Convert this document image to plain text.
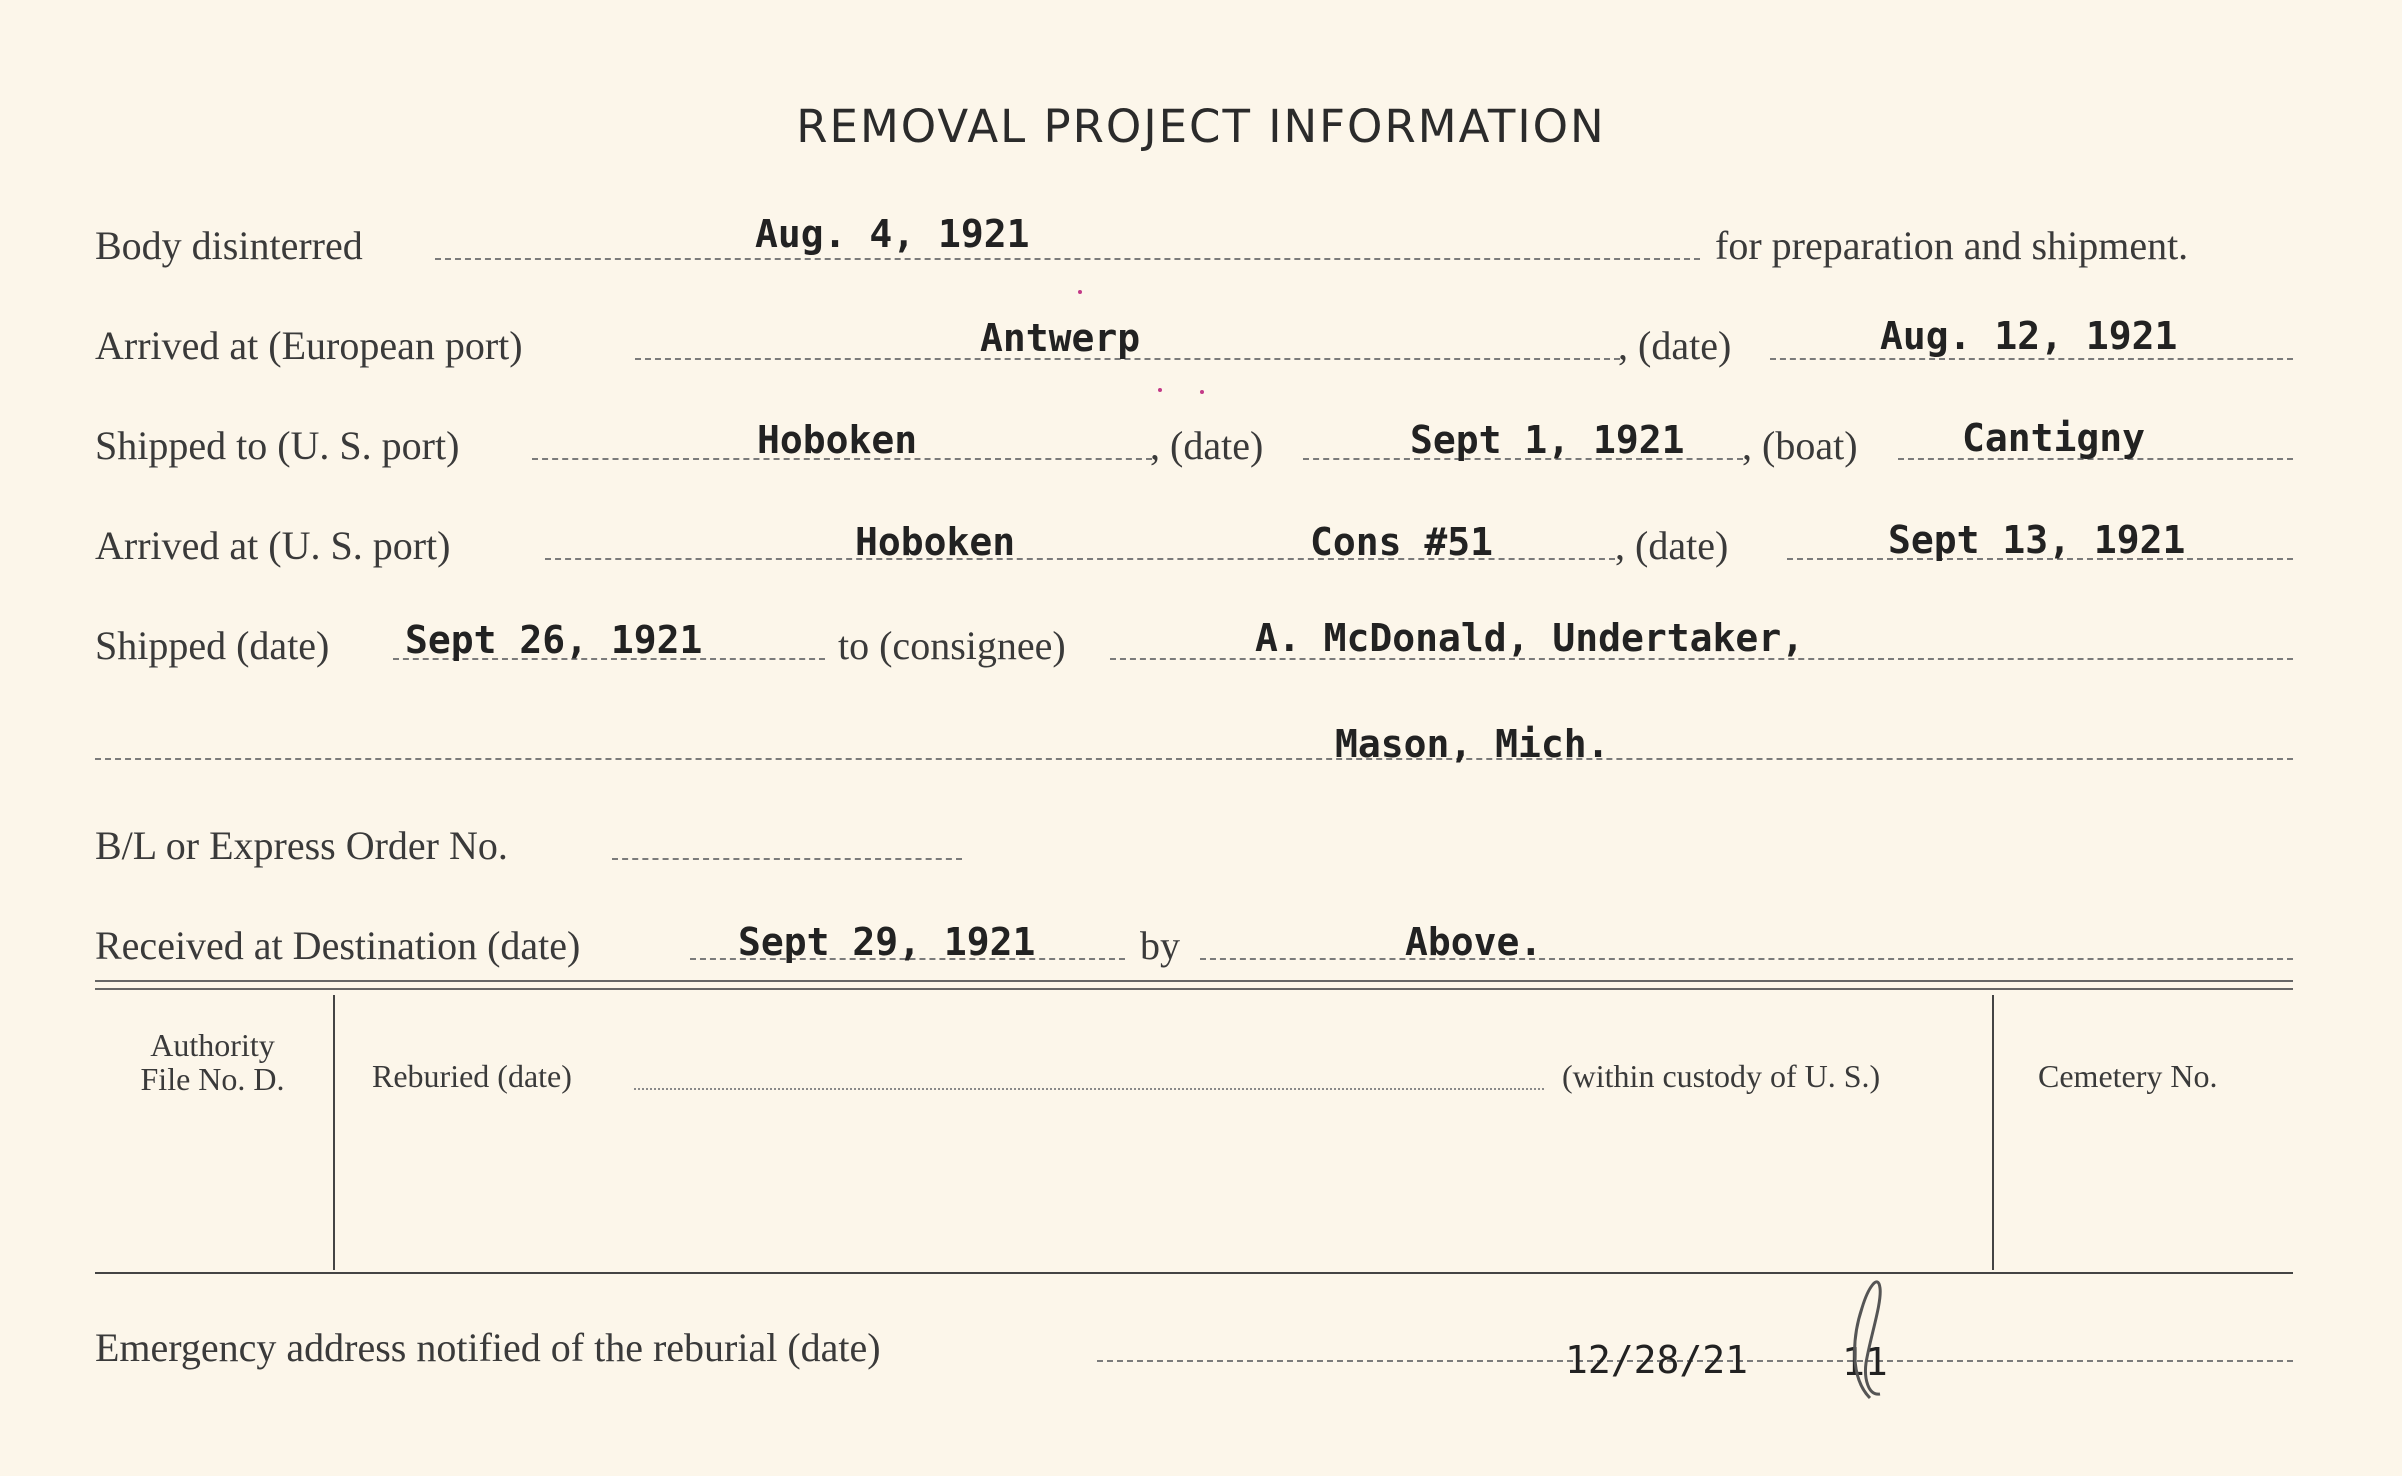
REMOVAL PROJECT INFORMATION
Body disinterred	Aug. 4, 1921	for preparation and shipment.
Arrived at (European port)	Antwerp	, (date)	Aug. 12, 1921
Shipped to (U. S. port)	Hoboken	, (date)	Sept 1, 1921 , (boat)	Cantigny
Arrived at (U. S. port)	Hoboken	Cons #51	, (date)	Sept 13, 1921
Shipped (date) Sept 26, 1921	to (consignee)	A. McDonald, Undertaker,
Mason, Mich.
B/L or Express Order No.
Received at Destination (date)	Sept 29, 1921	by	Above.
Authority
File No. D.	Reburied (date)	(within custody of U. S.)	Cemetery No.
Emergency address notified of the reburial (date)	12/28/21 11
